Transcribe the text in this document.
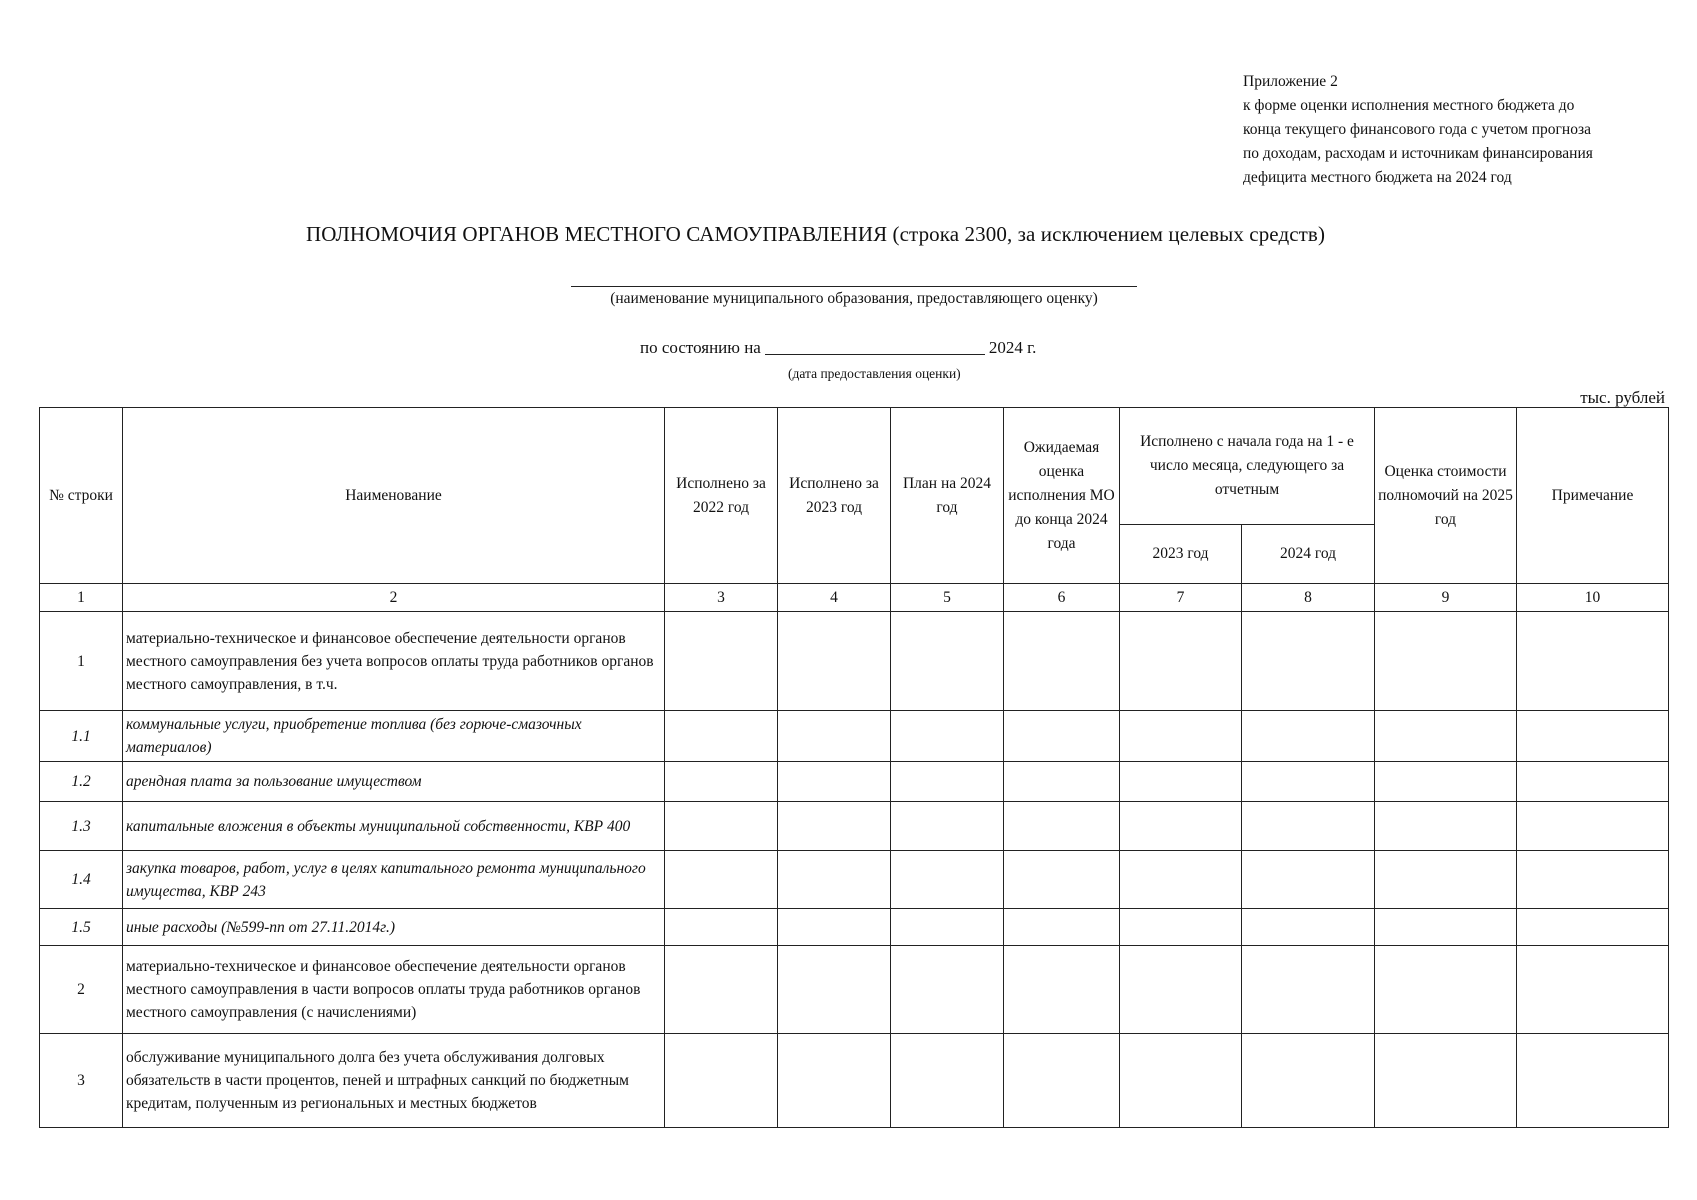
Приложение 2
к форме оценки исполнения местного бюджета до
конца текущего финансового года с учетом прогноза
по доходам, расходам и источникам финансирования
дефицита местного бюджета на 2024 год
ПОЛНОМОЧИЯ ОРГАНОВ МЕСТНОГО САМОУПРАВЛЕНИЯ (строка 2300, за исключением целевых средств)
(наименование муниципального образования, предоставляющего оценку)
по состоянию на	2024 г.
(дата предоставления оценки)
тыс. рублей
№ строки	Наименование	Исполнено за 2022 год	Исполнено за 2023 год	План на 2024 год	Ожидаемая оценка исполнения МО до конца 2024 года	Исполнено с начала года на 1 - е число месяца, следующего за отчетным		Оценка стоимости полномочий на 2025 год	Примечание
						2023 год	2024 год		
1	2	3	4	5	6	7	8	9	10
1	материально-техническое и финансовое обеспечение деятельности органов местного самоуправления без учета вопросов оплаты труда работников органов местного самоуправления, в т.ч.								
1.1	коммунальные услуги, приобретение топлива (без горюче-смазочных материалов)								
1.2	арендная плата за пользование имуществом								
1.3	капитальные вложения в объекты муниципальной собственности, КВР 400								
1.4	закупка товаров, работ, услуг в целях капитального ремонта муниципального имущества, КВР 243								
1.5	иные расходы (№599-пп от 27.11.2014г.)								
2	материально-техническое и финансовое обеспечение деятельности органов местного самоуправления в части вопросов оплаты труда работников органов местного самоуправления (с начислениями)								
3	обслуживание муниципального долга без учета обслуживания долговых обязательств в части процентов, пеней и штрафных санкций по бюджетным кредитам, полученным из региональных и местных бюджетов								
